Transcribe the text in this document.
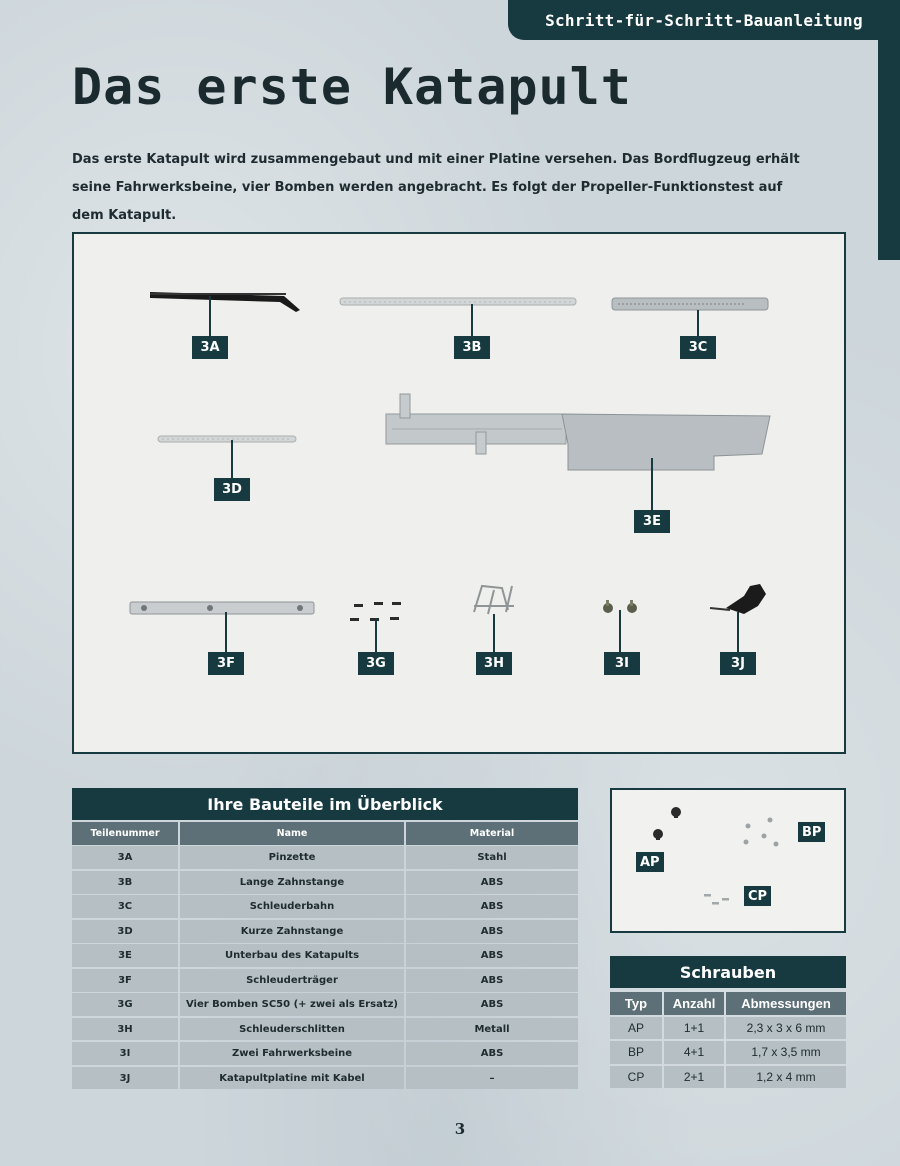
Schritt-für-Schritt-Bauanleitung
Das erste Katapult

Das erste Katapult wird zusammengebaut und mit einer Platine versehen. Das Bordflugzeug erhält seine Fahrwerksbeine, vier Bomben werden angebracht. Es folgt der Propeller-Funktionstest auf dem Katapult.

3A	3B	3C
3D
3E
3F	3G	3H	3I	3J
Ihre Bauteile im Überblick
Teilenummer	Name	Material
3A	Pinzette	Stahl
3B	Lange Zahnstange	ABS
3C	Schleuderbahn	ABS
3D	Kurze Zahnstange	ABS
3E	Unterbau des Katapults	ABS
3F	Schleuderträger	ABS
3G	Vier Bomben SC50 (+ zwei als Ersatz)	ABS
3H	Schleuderschlitten	Metall
3I	Zwei Fahrwerksbeine	ABS
3J	Katapultplatine mit Kabel	–
BP
AP
CP
Schrauben
Typ	Anzahl	Abmessungen
AP	1+1	2,3 x 3 x 6 mm
BP	4+1	1,7 x 3,5 mm
CP	2+1	1,2 x 4 mm
3
